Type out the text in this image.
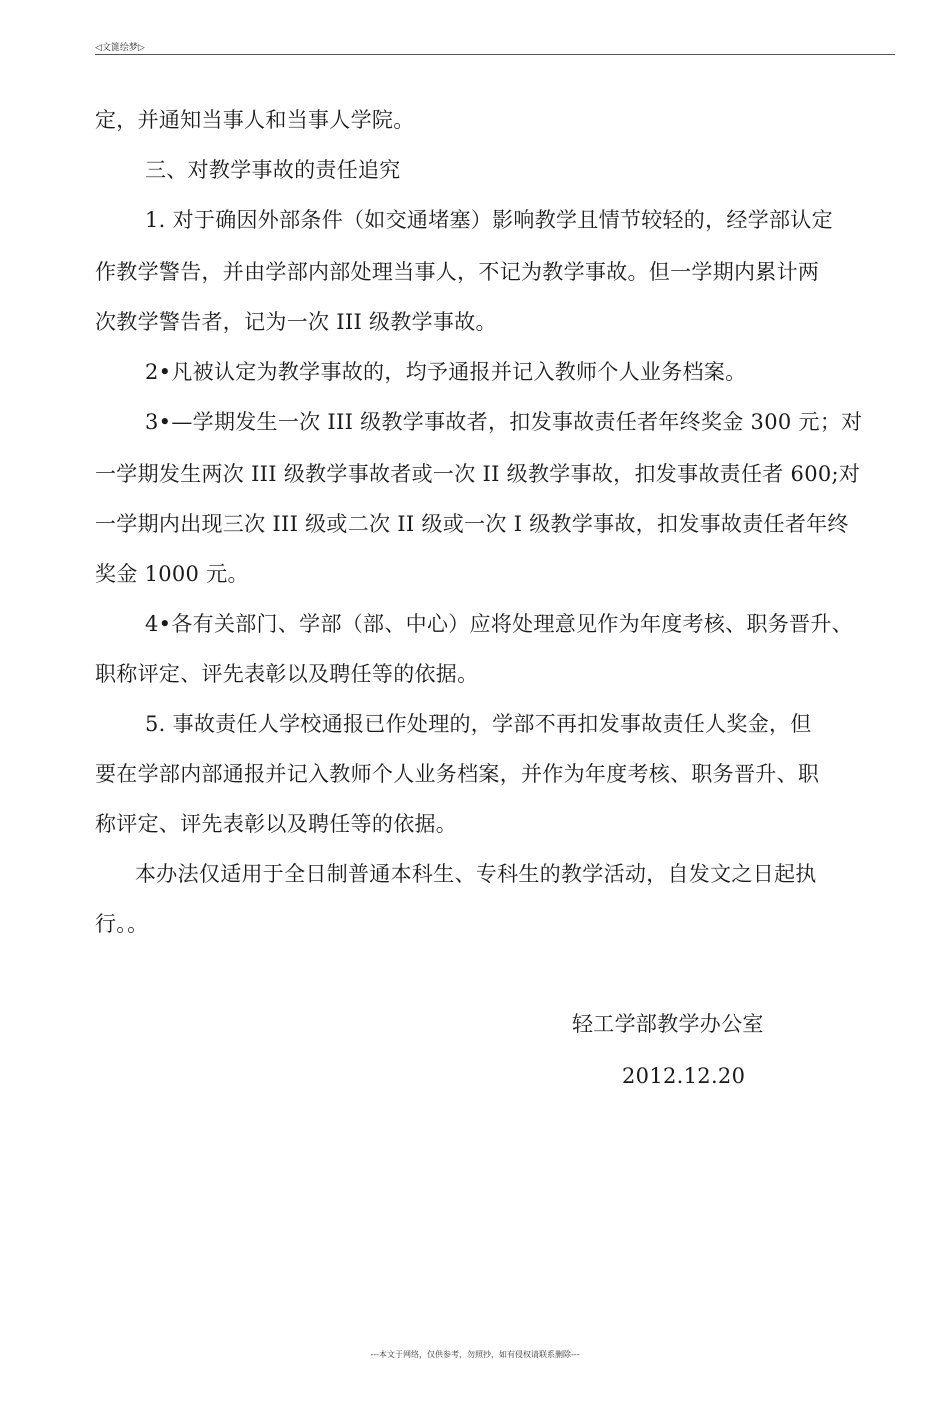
◁文篦绘梦▷
定，并通知当事人和当事人学院。
三、对教学事故的责任追究
1. 对于确因外部条件（如交通堵塞）影响教学且情节较轻的，经学部认定
作教学警告，并由学部内部处理当事人，不记为教学事故。但一学期内累计两
次教学警告者，记为一次 III 级教学事故。
2•凡被认定为教学事故的，均予通报并记入教师个人业务档案。
3•—学期发生一次 III 级教学事故者，扣发事故责任者年终奖金 300 元；对
一学期发生两次 III 级教学事故者或一次 II 级教学事故，扣发事故责任者 600;对
一学期内出现三次 III 级或二次 II 级或一次 I 级教学事故，扣发事故责任者年终
奖金 1000 元。
4•各有关部门、学部（部、中心）应将处理意见作为年度考核、职务晋升、
职称评定、评先表彰以及聘任等的依据。
5. 事故责任人学校通报已作处理的，学部不再扣发事故责任人奖金，但
要在学部内部通报并记入教师个人业务档案，并作为年度考核、职务晋升、职
称评定、评先表彰以及聘任等的依据。
本办法仅适用于全日制普通本科生、专科生的教学活动，自发文之日起执
行。。
轻工学部教学办公室
2012.12.20
---本文于网络，仅供参考，勿照抄，如有侵权请联系删除---
